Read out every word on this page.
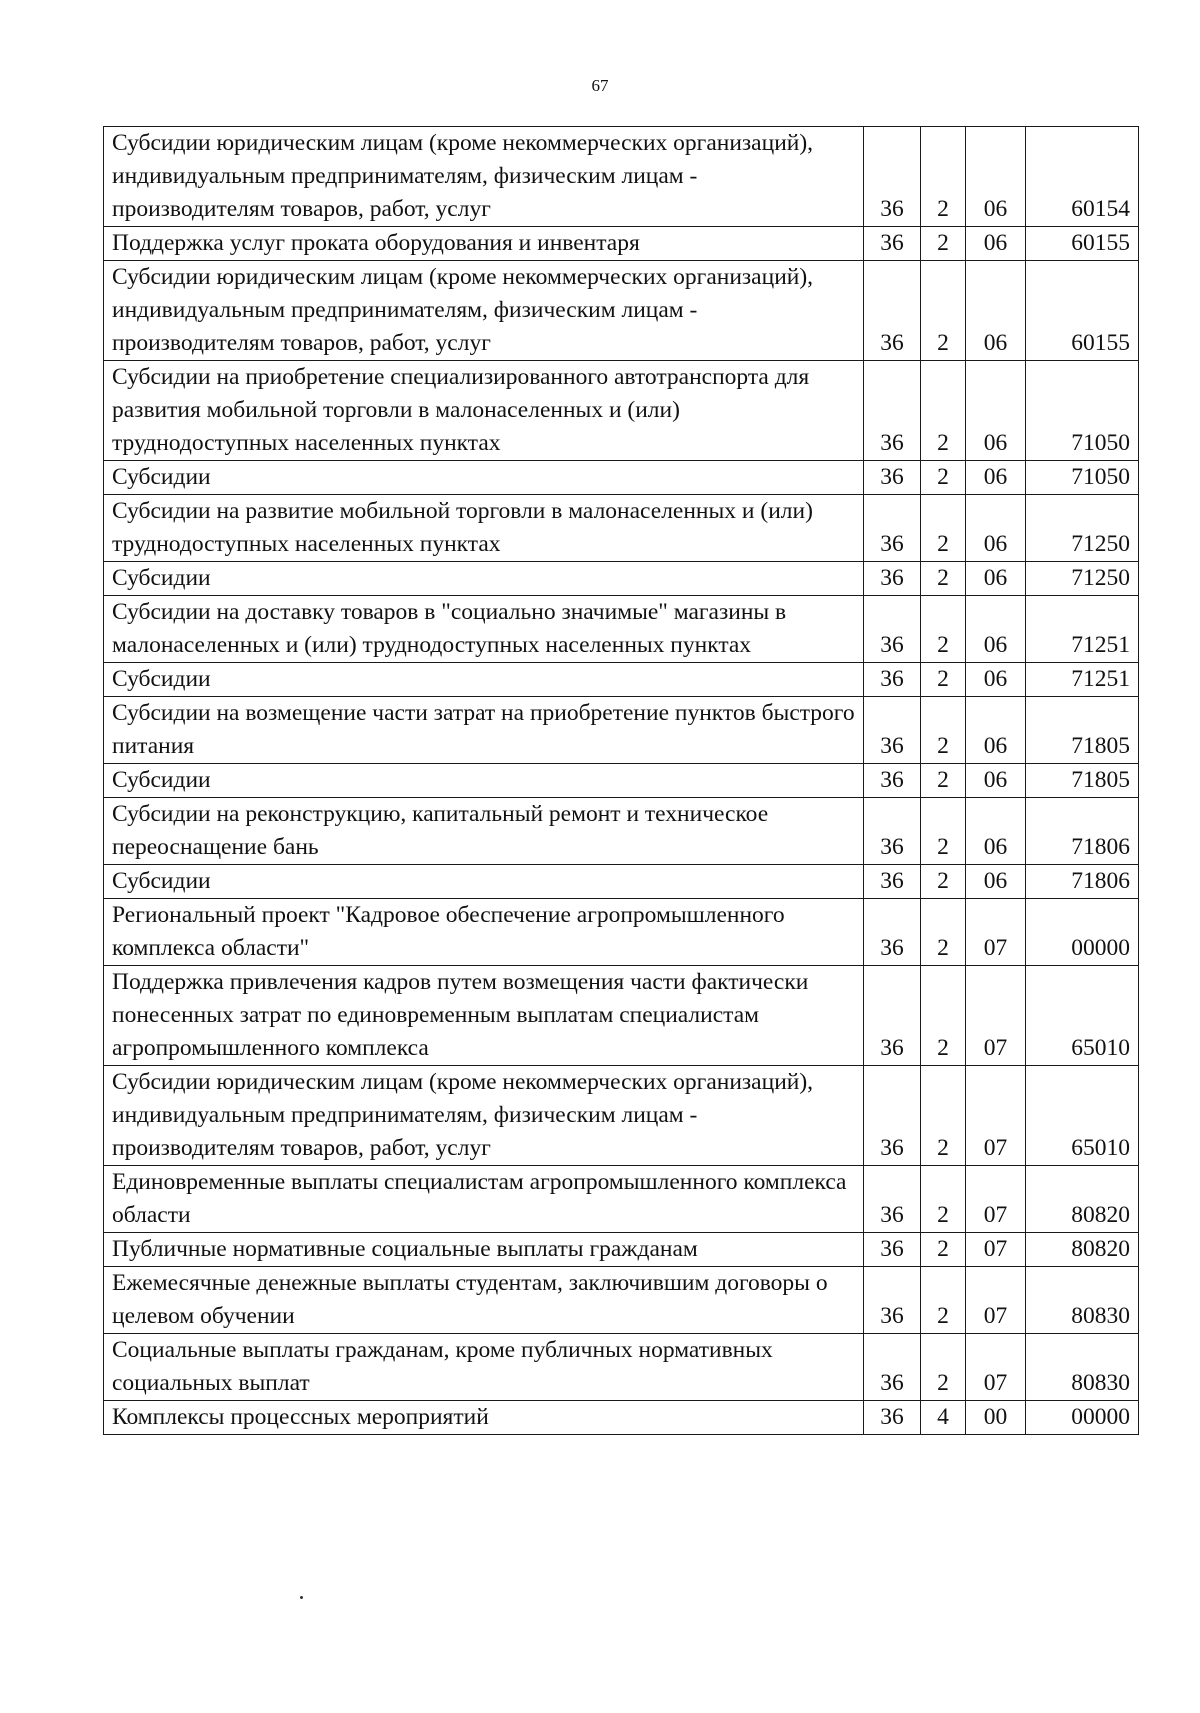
67
Субсидии юридическим лицам (кроме некоммерческих организаций), индивидуальным предпринимателям, физическим лицам - производителям товаров, работ, услуг	36	2	06	60154
Поддержка услуг проката оборудования и инвентаря	36	2	06	60155
Субсидии юридическим лицам (кроме некоммерческих организаций), индивидуальным предпринимателям, физическим лицам - производителям товаров, работ, услуг	36	2	06	60155
Субсидии на приобретение специализированного автотранспорта для развития мобильной торговли в малонаселенных и (или) труднодоступных населенных пунктах	36	2	06	71050
Субсидии	36	2	06	71050
Субсидии на развитие мобильной торговли в малонаселенных и (или) труднодоступных населенных пунктах	36	2	06	71250
Субсидии	36	2	06	71250
Субсидии на доставку товаров в "социально значимые" магазины в малонаселенных и (или) труднодоступных населенных пунктах	36	2	06	71251
Субсидии	36	2	06	71251
Субсидии на возмещение части затрат на приобретение пунктов быстрого питания	36	2	06	71805
Субсидии	36	2	06	71805
Субсидии на реконструкцию, капитальный ремонт и техническое переоснащение бань	36	2	06	71806
Субсидии	36	2	06	71806
Региональный проект "Кадровое обеспечение агропромышленного комплекса области"	36	2	07	00000
Поддержка привлечения кадров путем возмещения части фактически понесенных затрат по единовременным выплатам специалистам агропромышленного комплекса	36	2	07	65010
Субсидии юридическим лицам (кроме некоммерческих организаций), индивидуальным предпринимателям, физическим лицам - производителям товаров, работ, услуг	36	2	07	65010
Единовременные выплаты специалистам агропромышленного комплекса области	36	2	07	80820
Публичные нормативные социальные выплаты гражданам	36	2	07	80820
Ежемесячные денежные выплаты студентам, заключившим договоры о целевом обучении	36	2	07	80830
Социальные выплаты гражданам, кроме публичных нормативных социальных выплат	36	2	07	80830
Комплексы процессных мероприятий	36	4	00	00000
